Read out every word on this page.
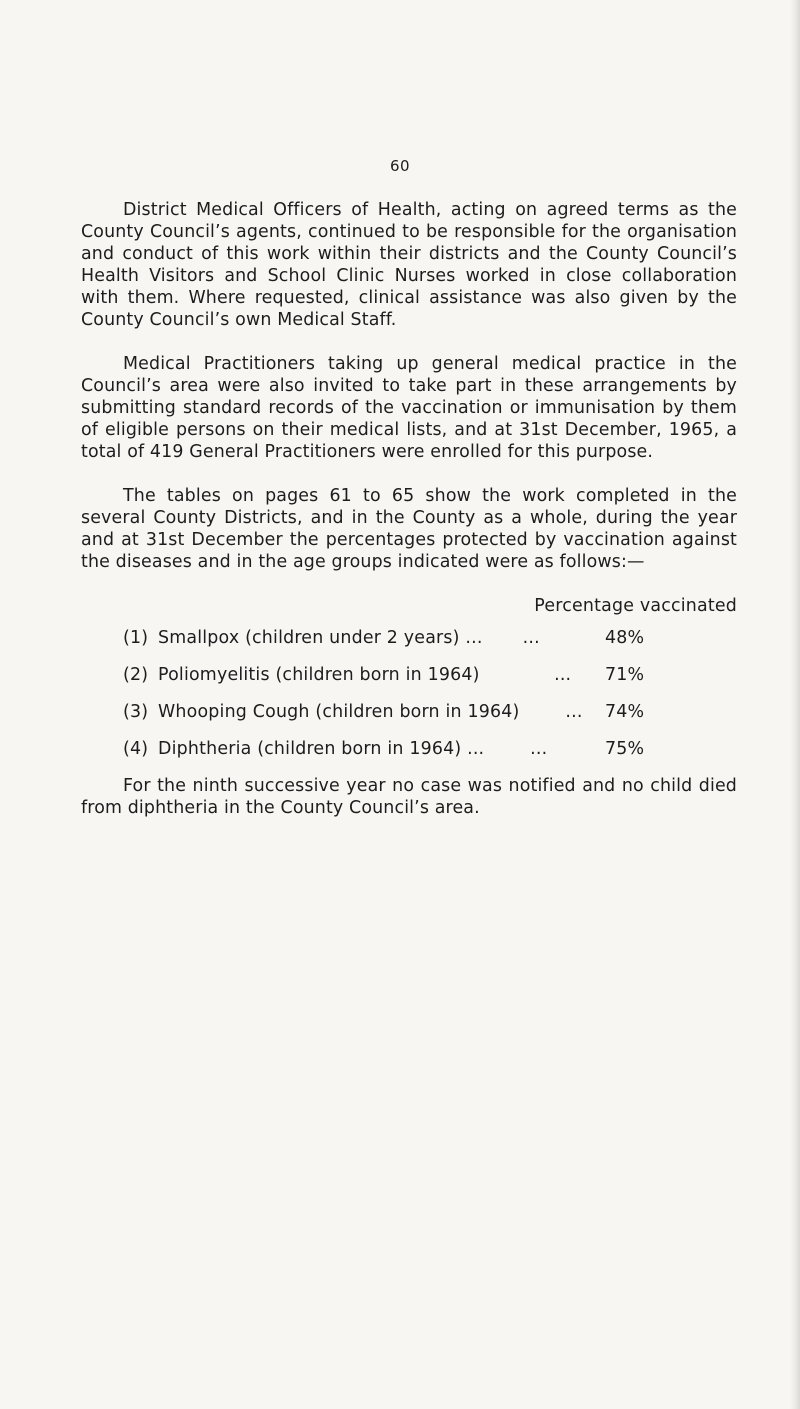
60

District Medical Officers of Health, acting on agreed terms as the County Council’s agents, continued to be responsible for the organisation and conduct of this work within their districts and the County Council’s Health Visitors and School Clinic Nurses worked in close collaboration with them. Where requested, clinical assistance was also given by the County Council’s own Medical Staff.

Medical Practitioners taking up general medical practice in the Council’s area were also invited to take part in these arrangements by submitting standard records of the vaccination or immunisation by them of eligible persons on their medical lists, and at 31st December, 1965, a total of 419 General Practitioners were enrolled for this purpose.

The tables on pages 61 to 65 show the work completed in the several County Districts, and in the County as a whole, during the year and at 31st December the percentages protected by vaccination against the diseases and in the age groups indicated were as follows:—

Percentage vaccinated
(1) Smallpox (children under 2 years) ...       ...	48%
(2) Poliomyelitis (children born in 1964)             ... 71%
(3) Whooping Cough (children born in 1964)        ... 74%
(4) Diphtheria (children born in 1964) ...        ...	75%

For the ninth successive year no case was notified and no child died from diphtheria in the County Council’s area.
